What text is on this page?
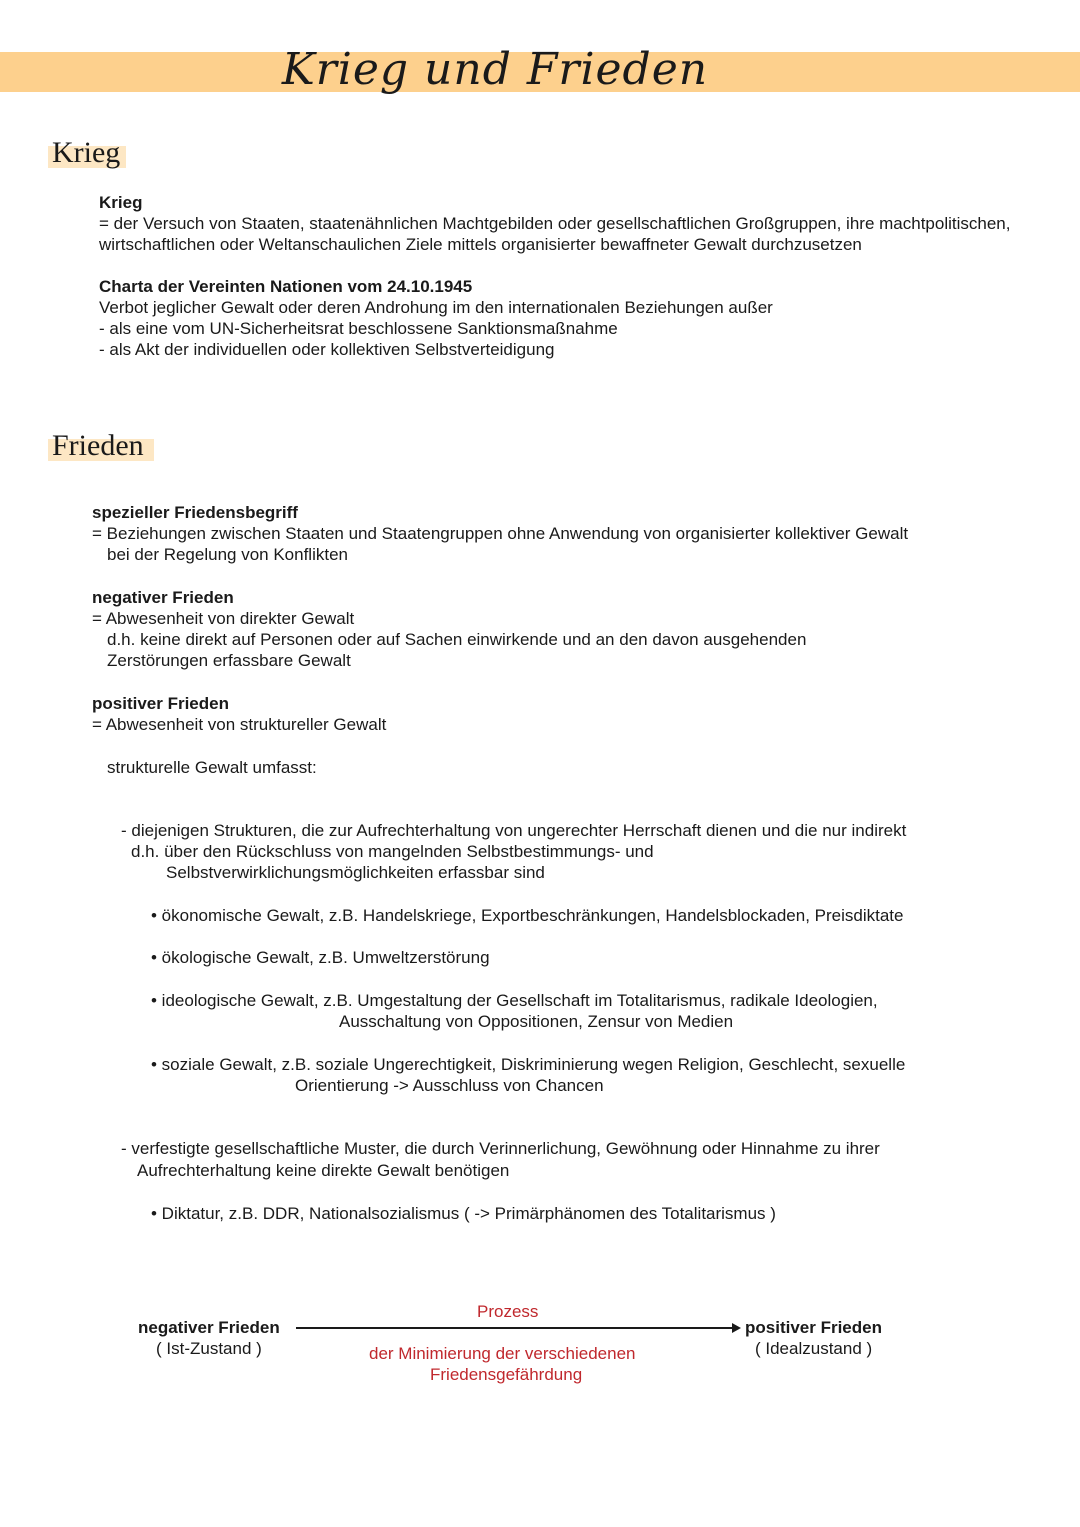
Krieg und Frieden
Krieg
Krieg
= der Versuch von Staaten, staatenähnlichen Machtgebilden oder gesellschaftlichen Großgruppen, ihre machtpolitischen,
wirtschaftlichen oder Weltanschaulichen Ziele mittels organisierter bewaffneter Gewalt durchzusetzen
Charta der Vereinten Nationen vom 24.10.1945
Verbot jeglicher Gewalt oder deren Androhung im den internationalen Beziehungen außer
- als eine vom UN-Sicherheitsrat beschlossene Sanktionsmaßnahme
- als Akt der individuellen oder kollektiven Selbstverteidigung
Frieden
spezieller Friedensbegriff
= Beziehungen zwischen Staaten und Staatengruppen ohne Anwendung von organisierter kollektiver Gewalt
bei der Regelung von Konflikten
negativer Frieden
= Abwesenheit von direkter Gewalt
d.h. keine direkt auf Personen oder auf Sachen einwirkende und an den davon ausgehenden
Zerstörungen erfassbare Gewalt
positiver Frieden
= Abwesenheit von struktureller Gewalt
strukturelle Gewalt umfasst:
- diejenigen Strukturen, die zur Aufrechterhaltung von ungerechter Herrschaft dienen und die nur indirekt
d.h. über den Rückschluss von mangelnden Selbstbestimmungs- und
Selbstverwirklichungsmöglichkeiten erfassbar sind
• ökonomische Gewalt, z.B. Handelskriege, Exportbeschränkungen, Handelsblockaden, Preisdiktate
• ökologische Gewalt, z.B. Umweltzerstörung
• ideologische Gewalt, z.B. Umgestaltung der Gesellschaft im Totalitarismus, radikale Ideologien,
Ausschaltung von Oppositionen, Zensur von Medien
• soziale Gewalt, z.B. soziale Ungerechtigkeit, Diskriminierung wegen Religion, Geschlecht, sexuelle
Orientierung -> Ausschluss von Chancen
- verfestigte gesellschaftliche Muster, die durch Verinnerlichung, Gewöhnung oder Hinnahme zu ihrer
Aufrechterhaltung keine direkte Gewalt benötigen
• Diktatur, z.B. DDR, Nationalsozialismus ( -> Primärphänomen des Totalitarismus )
negativer Frieden
( Ist-Zustand )
Prozess
der Minimierung der verschiedenen
Friedensgefährdung
positiver Frieden
( Idealzustand )
